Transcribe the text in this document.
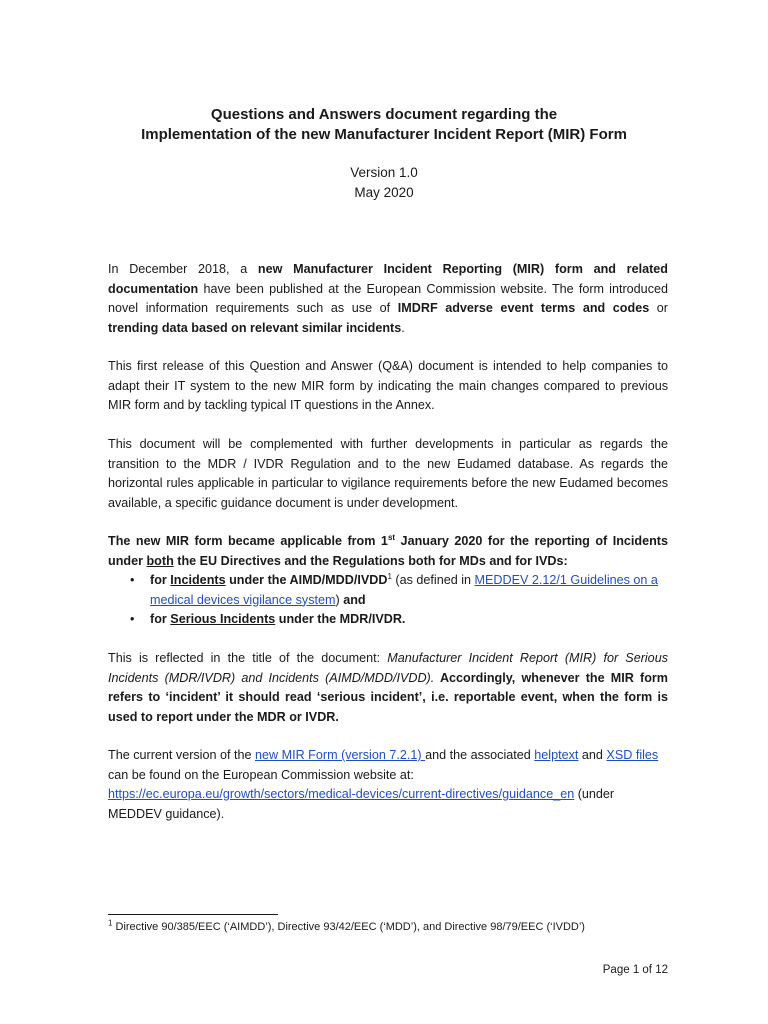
Questions and Answers document regarding the
Implementation of the new Manufacturer Incident Report (MIR) Form
Version 1.0
May 2020

In December 2018, a new Manufacturer Incident Reporting (MIR) form and related documentation have been published at the European Commission website. The form introduced novel information requirements such as use of IMDRF adverse event terms and codes or trending data based on relevant similar incidents.

This first release of this Question and Answer (Q&A) document is intended to help companies to adapt their IT system to the new MIR form by indicating the main changes compared to previous MIR form and by tackling typical IT questions in the Annex.

This document will be complemented with further developments in particular as regards the transition to the MDR / IVDR Regulation and to the new Eudamed database. As regards the horizontal rules applicable in particular to vigilance requirements before the new Eudamed becomes available, a specific guidance document is under development.

The new MIR form became applicable from 1st January 2020 for the reporting of Incidents under both the EU Directives and the Regulations both for MDs and for IVDs:

• for Incidents under the AIMD/MDD/IVDD$^1$ (as defined in MEDDEV 2.12/1 Guidelines on a medical devices vigilance system) and
• for Serious Incidents under the MDR/IVDR.

This is reflected in the title of the document: Manufacturer Incident Report (MIR) for Serious Incidents (MDR/IVDR) and Incidents (AIMD/MDD/IVDD). Accordingly, whenever the MIR form refers to ‘incident’ it should read ‘serious incident’, i.e. reportable event, when the form is used to report under the MDR or IVDR.

The current version of the new MIR Form (version 7.2.1) and the associated helptext and XSD files can be found on the European Commission website at:
https://ec.europa.eu/growth/sectors/medical-devices/current-directives/guidance_en (under MEDDEV guidance).

$^1$ Directive 90/385/EEC (‘AIMDD’), Directive 93/42/EEC (‘MDD’), and Directive 98/79/EEC (‘IVDD’)
Page 1 of 12
